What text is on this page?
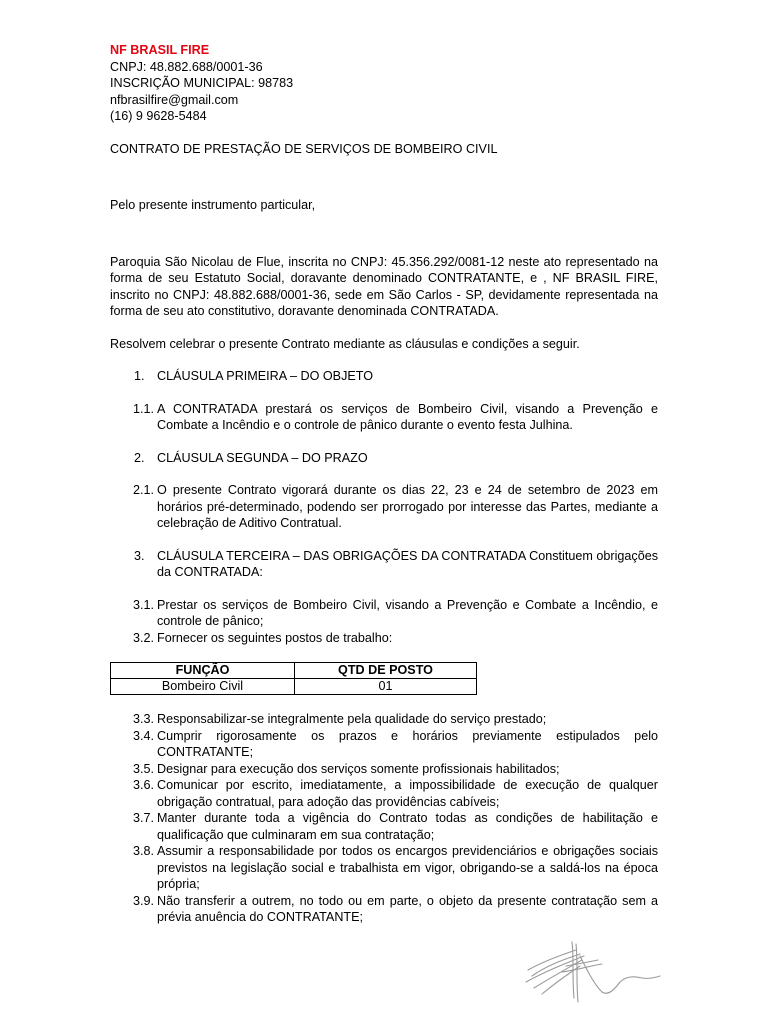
NF BRASIL FIRE
CNPJ: 48.882.688/0001-36
INSCRIÇÃO MUNICIPAL: 98783
nfbrasilfire@gmail.com
(16) 9 9628-5484
CONTRATO DE PRESTAÇÃO DE SERVIÇOS DE BOMBEIRO CIVIL
Pelo presente instrumento particular,
Paroquia São Nicolau de Flue, inscrita no CNPJ: 45.356.292/0081-12 neste ato representado na forma de seu Estatuto Social, doravante denominado CONTRATANTE, e , NF BRASIL FIRE, inscrito no CNPJ: 48.882.688/0001-36, sede em São Carlos - SP, devidamente representada na forma de seu ato constitutivo, doravante denominada CONTRATADA.
Resolvem celebrar o presente Contrato mediante as cláusulas e condições a seguir.
1. CLÁUSULA PRIMEIRA – DO OBJETO
1.1. A CONTRATADA prestará os serviços de Bombeiro Civil, visando a Prevenção e Combate a Incêndio e o controle de pânico durante o evento festa Julhina.
2. CLÁUSULA SEGUNDA – DO PRAZO
2.1. O presente Contrato vigorará durante os dias 22, 23 e 24 de setembro de 2023 em horários pré-determinado, podendo ser prorrogado por interesse das Partes, mediante a celebração de Aditivo Contratual.
3. CLÁUSULA TERCEIRA – DAS OBRIGAÇÕES DA CONTRATADA Constituem obrigações da CONTRATADA:
3.1. Prestar os serviços de Bombeiro Civil, visando a Prevenção e Combate a Incêndio, e controle de pânico;
3.2. Fornecer os seguintes postos de trabalho:
FUNÇÃO	QTD DE POSTO
Bombeiro Civil	01
3.3. Responsabilizar-se integralmente pela qualidade do serviço prestado;
3.4. Cumprir rigorosamente os prazos e horários previamente estipulados pelo CONTRATANTE;
3.5. Designar para execução dos serviços somente profissionais habilitados;
3.6. Comunicar por escrito, imediatamente, a impossibilidade de execução de qualquer obrigação contratual, para adoção das providências cabíveis;
3.7. Manter durante toda a vigência do Contrato todas as condições de habilitação e qualificação que culminaram em sua contratação;
3.8. Assumir a responsabilidade por todos os encargos previdenciários e obrigações sociais previstos na legislação social e trabalhista em vigor, obrigando-se a saldá-los na época própria;
3.9. Não transferir a outrem, no todo ou em parte, o objeto da presente contratação sem a prévia anuência do CONTRATANTE;
